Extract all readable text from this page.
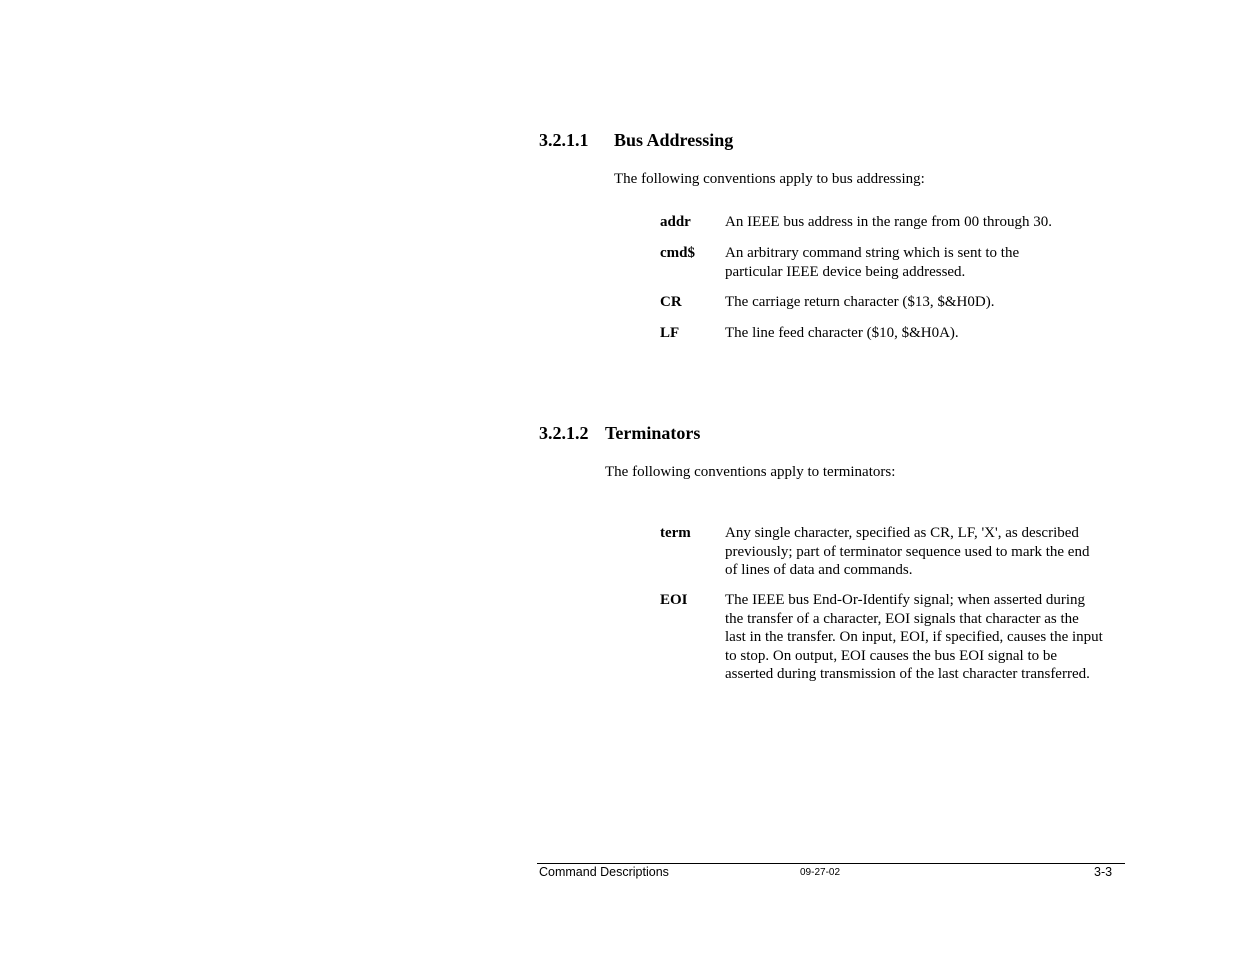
3.2.1.1 Bus Addressing
The following conventions apply to bus addressing:
addr An IEEE bus address in the range from 00 through 30.
cmd$ An arbitrary command string which is sent to the particular IEEE device being addressed.
CR	The carriage return character ($13, $&H0D).
LF	The line feed character ($10, $&H0A).
3.2.1.2 Terminators
The following conventions apply to terminators:
term Any single character, specified as CR, LF, 'X', as described previously; part of terminator sequence used to mark the end of lines of data and commands.
EOI The IEEE bus End-Or-Identify signal; when asserted during the transfer of a character, EOI signals that character as the last in the transfer. On input, EOI, if specified, causes the input to stop. On output, EOI causes the bus EOI signal to be asserted during transmission of the last character transferred.
Command Descriptions	09-27-02	3-3
